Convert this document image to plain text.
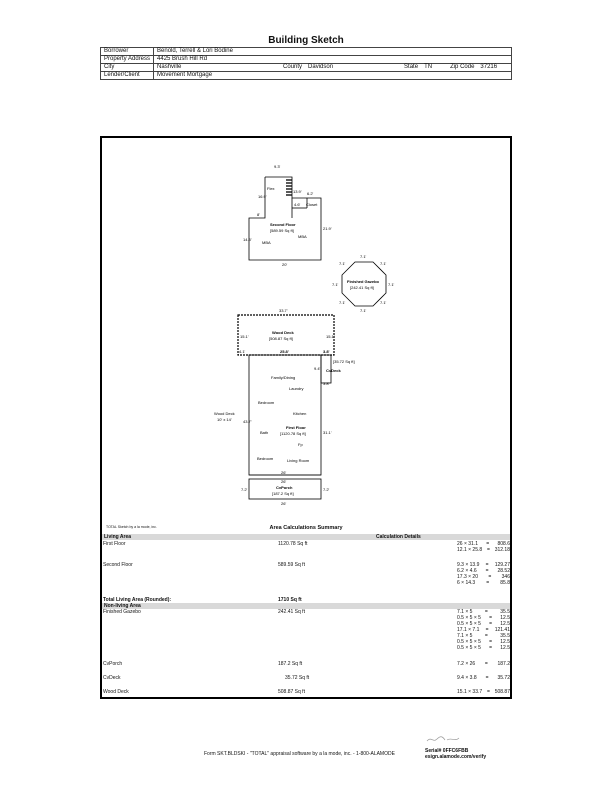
Building Sketch
Borrower	Benold, Terrell & Lori Bodine						
Property Address	4425 Brush Hill Rd						
City	Nashville	County	Davidson	State	TN	Zip Code	37216
Lender/Client	Movement Mortgage						
9.3'
Flex
16.9'
13.9'
4.6'
6.2'
Closet
21.9'
8'
Second Floor
[589.59 Sq ft]
MBA
MBA
14.3'
20'
7.1'
7.1'
7.1'
7.1'
7.1'
7.1'
7.1'
7.1'
Finished Gazebo
[242.41 Sq ft]
33.7'
15.1'	15.1'
Wood Deck
[508.87 Sq ft]
4.1'	25.8'	3.8'
3.8'
[35.72 Sq ft]
CvDeck
9.4'
Family/Dining
Laundry
Bedroom
Kitchen
Wood Deck
10' x 14'	43.7'
31.1'
First Floor
[1120.78 Sq ft]
Bath
Fp
Bedroom	Living Room
26'
26'
7.2'	7.2'
CvPorch
[187.2 Sq ft]
26'
TOTAL Sketch by a la mode, inc.	Area Calculations Summary
Living Area	Calculation Details
First Floor	1120.78 Sq ft	26 × 31.1 = 808.6
12.1 × 25.8 = 312.18
Second Floor	589.59 Sq ft	9.3 × 13.9 = 129.27
6.2 × 4.6 = 28.52
17.3 × 20 = 346
6 × 14.3 = 85.8
Total Living Area (Rounded):	1710 Sq ft
Non-living Area
Finished Gazebo	242.41 Sq ft	7.1 × 5 = 35.5
0.5 × 5 × 5 = 12.5
0.5 × 5 × 5 = 12.5
17.1 × 7.1 = 121.41
7.1 × 5 = 35.5
0.5 × 5 × 5 = 12.5
0.5 × 5 × 5 = 12.5
CvPorch	187.2 Sq ft	7.2 × 26 = 187.2
CvDeck	35.72 Sq ft	9.4 × 3.8 = 35.72
Wood Deck	508.87 Sq ft	15.1 × 33.7 = 508.87
Form SKT.BLDSKI - "TOTAL" appraisal software by a la mode, inc. - 1-800-ALAMODE	Serial# 0FFC6FBB
esign.alamode.com/verify
